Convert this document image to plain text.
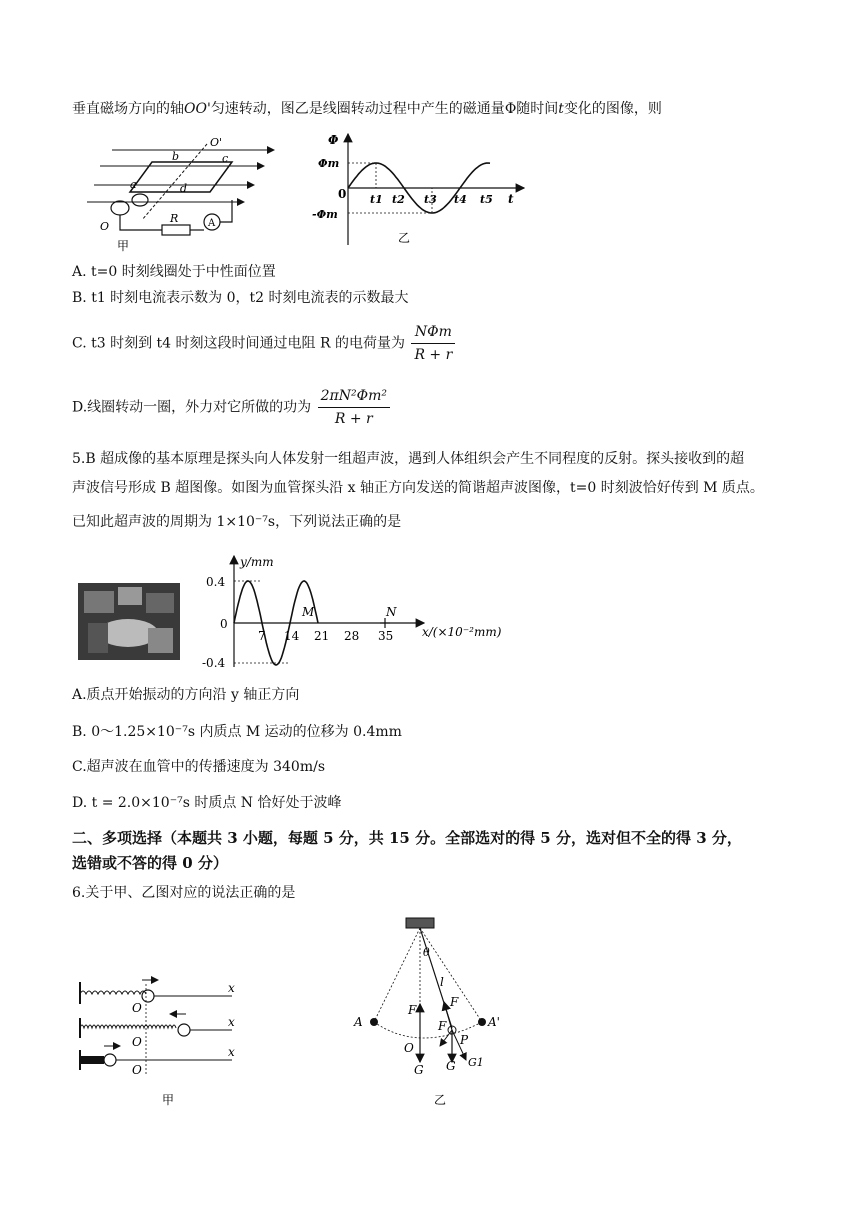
垂直磁场方向的轴OO'匀速转动，图乙是线圈转动过程中产生的磁通量Φ随时间t变化的图像，则
O'
b	c
a	d
R	A
O
甲
Φ
Φm
0
-Φm
t1 t2 t3 t4 t5 t
乙
A. t=0 时刻线圈处于中性面位置
B. t1 时刻电流表示数为 0，t2 时刻电流表的示数最大
C. t3 时刻到 t4 时刻这段时间通过电阻 R 的电荷量为 $\frac{\text{NΦm}}{R + r}$
D.线圈转动一圈，外力对它所做的功为 $\frac{\text{2πN²Φm²}}{R + r}$
5.B 超成像的基本原理是探头向人体发射一组超声波，遇到人体组织会产生不同程度的反射。探头接收到的超
声波信号形成 B 超图像。如图为血管探头沿 x 轴正方向发送的简谐超声波图像，t=0 时刻波恰好传到 M 质点。
已知此超声波的周期为 1×10⁻⁷s，下列说法正确的是
y/mm
0.4
0
-0.4
7 14 21 28 35 x/(×10⁻²mm)
M	N
A.质点开始振动的方向沿 y 轴正方向
B. 0～1.25×10⁻⁷s 内质点 M 运动的位移为 0.4mm
C.超声波在血管中的传播速度为 340m/s
D. t = 2.0×10⁻⁷s 时质点 N 恰好处于波峰
二、多项选择（本题共 3 小题，每题 5 分，共 15 分。全部选对的得 5 分，选对但不全的得 3 分，
选错或不答的得 0 分）
6.关于甲、乙图对应的说法正确的是
x
O
x
O
x
O
甲
θ
l
A	A'
O
F
F
F
P
G G G1
乙
